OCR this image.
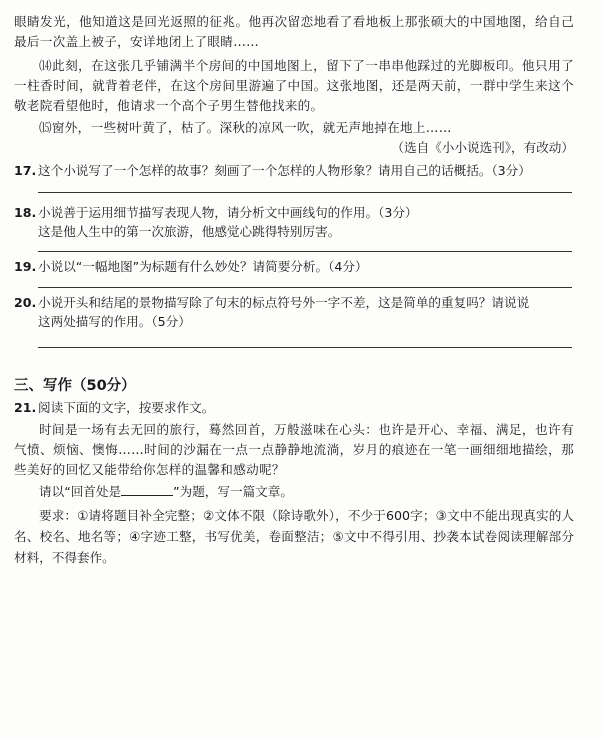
眼睛发光，他知道这是回光返照的征兆。他再次留恋地看了看地板上那张硕大的中国地图，给自己最后一次盖上被子，安详地闭上了眼睛……

⒁此刻，在这张几乎铺满半个房间的中国地图上，留下了一串串他踩过的光脚板印。他只用了一柱香时间，就背着老伴，在这个房间里游遍了中国。这张地图，还是两天前，一群中学生来这个敬老院看望他时，他请求一个高个子男生替他找来的。

⒂窗外，一些树叶黄了，枯了。深秋的凉风一吹，就无声地掉在地上……

（选自《小小说选刊》，有改动）

17. 这个小说写了一个怎样的故事？刻画了一个怎样的人物形象？请用自己的话概括。（3分）

18. 小说善于运用细节描写表现人物，请分析文中画线句的作用。（3分）

这是他人生中的第一次旅游，他感觉心跳得特别厉害。

19. 小说以“一幅地图”为标题有什么妙处？请简要分析。（4分）

20. 小说开头和结尾的景物描写除了句末的标点符号外一字不差，这是简单的重复吗？请说说

这两处描写的作用。（5分）

三、写作（50分）

21. 阅读下面的文字，按要求作文。

时间是一场有去无回的旅行，蓦然回首，万般滋味在心头：也许是开心、幸福、满足，也许有气愤、烦恼、懊悔……时间的沙漏在一点一点静静地流淌，岁月的痕迹在一笔一画细细地描绘，那些美好的回忆又能带给你怎样的温馨和感动呢？

请以“回首处是	”为题，写一篇文章。

要求：①请将题目补全完整；②文体不限（除诗歌外），不少于600字；③文中不能出现真实的人名、校名、地名等；④字迹工整，书写优美，卷面整洁；⑤文中不得引用、抄袭本试卷阅读理解部分材料，不得套作。
